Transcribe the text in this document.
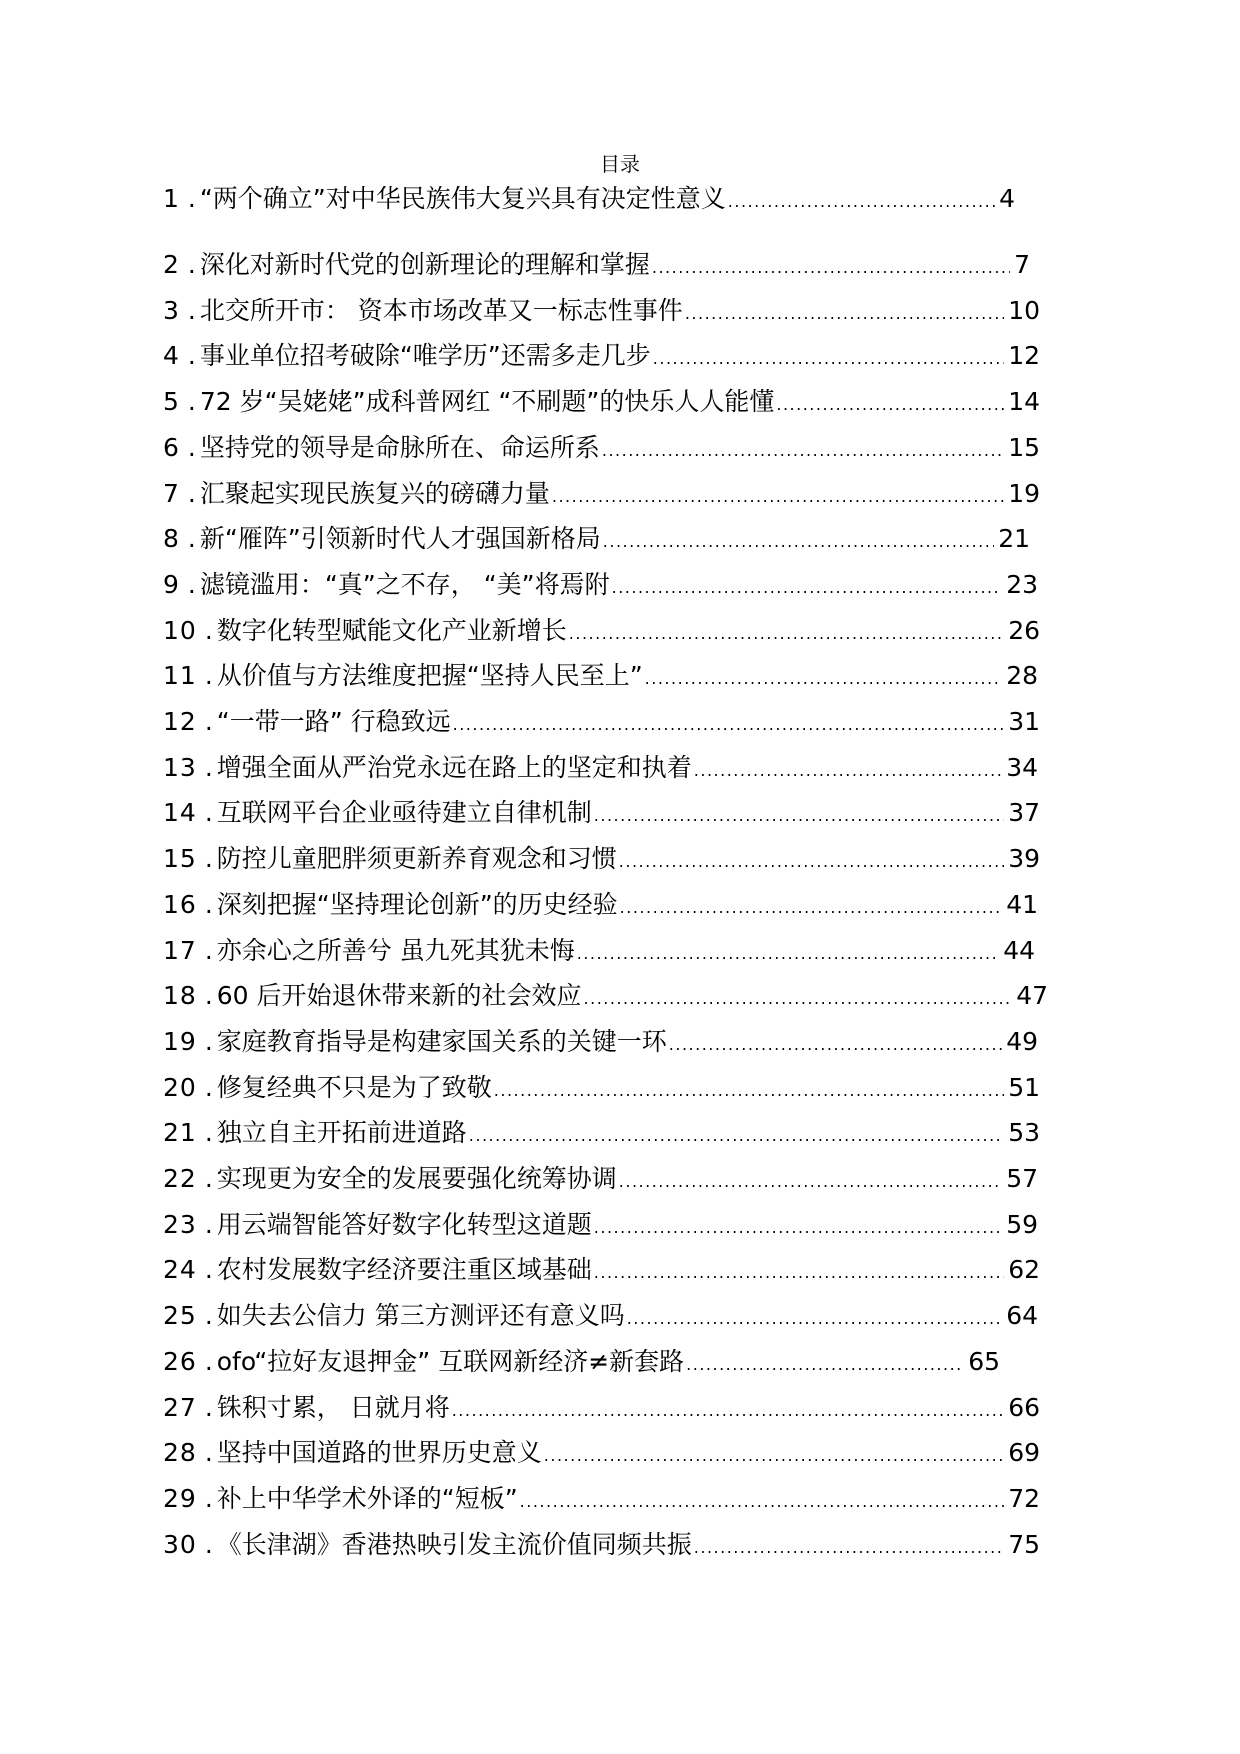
目录
1 . “两个确立”对中华民族伟大复兴具有决定性意义 .....	4
2 . 深化对新时代党的创新理论的理解和掌握 .....	7
3 . 北交所开市： 资本市场改革又一标志性事件 .....	10
4 . 事业单位招考破除“唯学历”还需多走几步 .....	12
5 . 72 岁“吴姥姥”成科普网红 “不刷题”的快乐人人能懂 .....	14
6 . 坚持党的领导是命脉所在、命运所系 .....	15
7 . 汇聚起实现民族复兴的磅礴力量 .....	19
8 . 新“雁阵”引领新时代人才强国新格局 .....	21
9 . 滤镜滥用：“真”之不存， “美”将焉附 .....	23
10 . 数字化转型赋能文化产业新增长 .....	26
11 . 从价值与方法维度把握“坚持人民至上” .....	28
12 . “一带一路” 行稳致远 .....	31
13 . 增强全面从严治党永远在路上的坚定和执着 .....	34
14 . 互联网平台企业亟待建立自律机制 .....	37
15 . 防控儿童肥胖须更新养育观念和习惯 .....	39
16 . 深刻把握“坚持理论创新”的历史经验 .....	41
17 . 亦余心之所善兮 虽九死其犹未悔 .....	44
18 . 60 后开始退休带来新的社会效应 .....	47
19 . 家庭教育指导是构建家国关系的关键一环 .....	49
20 . 修复经典不只是为了致敬 .....	51
21 . 独立自主开拓前进道路 .....	53
22 . 实现更为安全的发展要强化统筹协调 .....	57
23 . 用云端智能答好数字化转型这道题 .....	59
24 . 农村发展数字经济要注重区域基础 .....	62
25 . 如失去公信力 第三方测评还有意义吗 .....	64
26 . ofo“拉好友退押金” 互联网新经济≠新套路 .....	65
27 . 铢积寸累， 日就月将 .....	66
28 . 坚持中国道路的世界历史意义 .....	69
29 . 补上中华学术外译的“短板” .....	72
30 . 《长津湖》香港热映引发主流价值同频共振 .....	75
